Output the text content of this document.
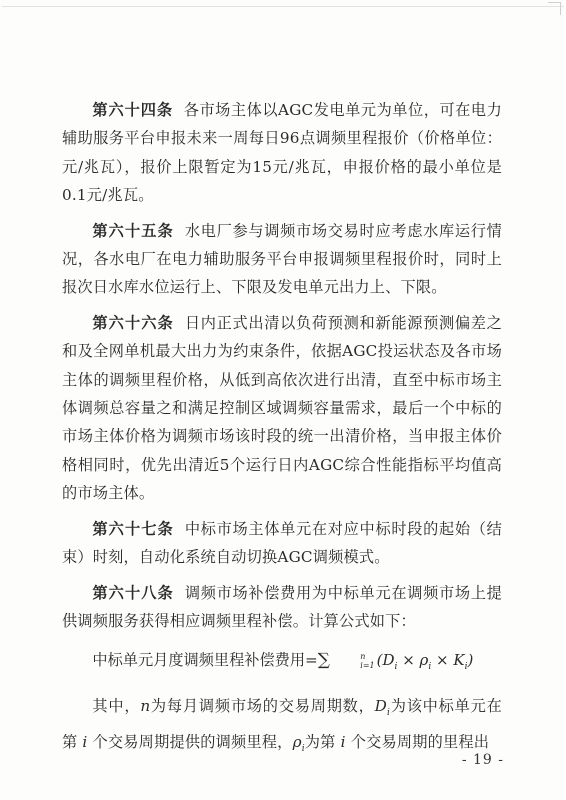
第六十四条 各市场主体以AGC发电单元为单位，可在电力辅助服务平台申报未来一周每日96点调频里程报价（价格单位：元/兆瓦），报价上限暂定为15元/兆瓦，申报价格的最小单位是0.1元/兆瓦。

第六十五条 水电厂参与调频市场交易时应考虑水库运行情况，各水电厂在电力辅助服务平台申报调频里程报价时，同时上报次日水库水位运行上、下限及发电单元出力上、下限。

第六十六条 日内正式出清以负荷预测和新能源预测偏差之和及全网单机最大出力为约束条件，依据AGC投运状态及各市场主体的调频里程价格，从低到高依次进行出清，直至中标市场主体调频总容量之和满足控制区域调频容量需求，最后一个中标的市场主体价格为调频市场该时段的统一出清价格，当申报主体价格相同时，优先出清近5个运行日内AGC综合性能指标平均值高的市场主体。

第六十七条 中标市场主体单元在对应中标时段的起始（结束）时刻，自动化系统自动切换AGC调频模式。

第六十八条 调频市场补偿费用为中标单元在调频市场上提供调频服务获得相应调频里程补偿。计算公式如下：

中标单元月度调频里程补偿费用=∑	n
i=1 $(D_i \times \rho_i \times K_i)$

其中，n为每月调频市场的交易周期数，$D_i$为该中标单元在第 i 个交易周期提供的调频里程，$\rho_i$为第 i 个交易周期的里程出

- 19 -
